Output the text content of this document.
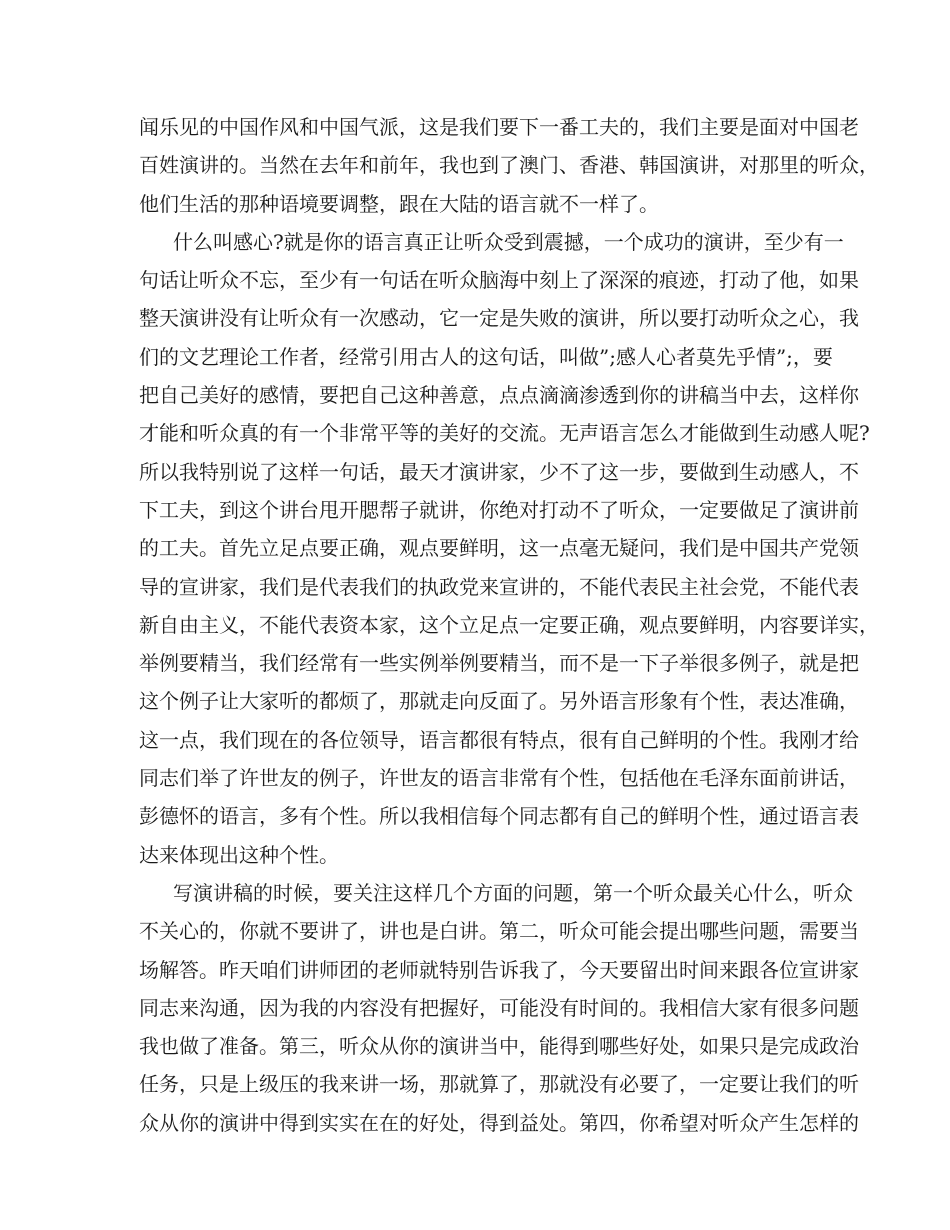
闻乐见的中国作风和中国气派，这是我们要下一番工夫的，我们主要是面对中国老
百姓演讲的。当然在去年和前年，我也到了澳门、香港、韩国演讲，对那里的听众，
他们生活的那种语境要调整，跟在大陆的语言就不一样了。
什么叫感心?就是你的语言真正让听众受到震撼，一个成功的演讲，至少有一
句话让听众不忘，至少有一句话在听众脑海中刻上了深深的痕迹，打动了他，如果
整天演讲没有让听众有一次感动，它一定是失败的演讲，所以要打动听众之心，我
们的文艺理论工作者，经常引用古人的这句话，叫做”;感人心者莫先乎情”;，要
把自己美好的感情，要把自己这种善意，点点滴滴渗透到你的讲稿当中去，这样你
才能和听众真的有一个非常平等的美好的交流。无声语言怎么才能做到生动感人呢?
所以我特别说了这样一句话，最天才演讲家，少不了这一步，要做到生动感人，不
下工夫，到这个讲台甩开腮帮子就讲，你绝对打动不了听众，一定要做足了演讲前
的工夫。首先立足点要正确，观点要鲜明，这一点毫无疑问，我们是中国共产党领
导的宣讲家，我们是代表我们的执政党来宣讲的，不能代表民主社会党，不能代表
新自由主义，不能代表资本家，这个立足点一定要正确，观点要鲜明，内容要详实，
举例要精当，我们经常有一些实例举例要精当，而不是一下子举很多例子，就是把
这个例子让大家听的都烦了，那就走向反面了。另外语言形象有个性，表达准确，
这一点，我们现在的各位领导，语言都很有特点，很有自己鲜明的个性。我刚才给
同志们举了许世友的例子，许世友的语言非常有个性，包括他在毛泽东面前讲话，
彭德怀的语言，多有个性。所以我相信每个同志都有自己的鲜明个性，通过语言表
达来体现出这种个性。
写演讲稿的时候，要关注这样几个方面的问题，第一个听众最关心什么，听众
不关心的，你就不要讲了，讲也是白讲。第二，听众可能会提出哪些问题，需要当
场解答。昨天咱们讲师团的老师就特别告诉我了，今天要留出时间来跟各位宣讲家
同志来沟通，因为我的内容没有把握好，可能没有时间的。我相信大家有很多问题
我也做了准备。第三，听众从你的演讲当中，能得到哪些好处，如果只是完成政治
任务，只是上级压的我来讲一场，那就算了，那就没有必要了，一定要让我们的听
众从你的演讲中得到实实在在的好处，得到益处。第四，你希望对听众产生怎样的
